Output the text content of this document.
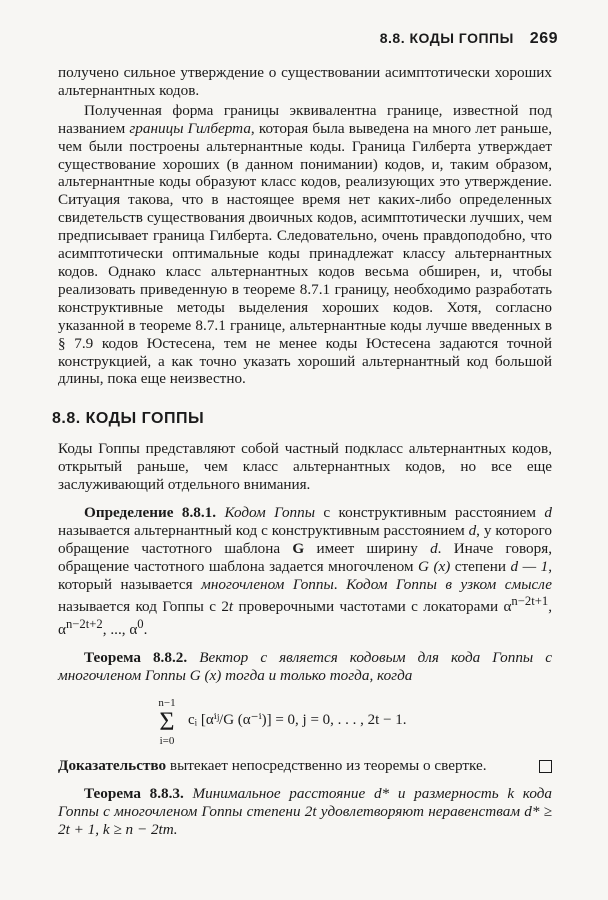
8.8. КОДЫ ГОППЫ 269

получено сильное утверждение о существовании асимптотически хороших альтернантных кодов.

Полученная форма границы эквивалентна границе, известной под названием границы Гилберта, которая была выведена на много лет раньше, чем были построены альтернантные коды. Граница Гилберта утверждает существование хороших (в данном понимании) кодов, и, таким образом, альтернантные коды образуют класс кодов, реализующих это утверждение. Ситуация такова, что в настоящее время нет каких-либо определенных свидетельств существования двоичных кодов, асимптотически лучших, чем предписывает граница Гилберта. Следовательно, очень правдоподобно, что асимптотически оптимальные коды принадлежат классу альтернантных кодов. Однако класс альтернантных кодов весьма обширен, и, чтобы реализовать приведенную в теореме 8.7.1 границу, необходимо разработать конструктивные методы выделения хороших кодов. Хотя, согласно указанной в теореме 8.7.1 границе, альтернантные коды лучше введенных в § 7.9 кодов Юстесена, тем не менее коды Юстесена задаются точной конструкцией, а как точно указать хороший альтернантный код большой длины, пока еще неизвестно.

8.8. КОДЫ ГОППЫ

Коды Гоппы представляют собой частный подкласс альтернантных кодов, открытый раньше, чем класс альтернантных кодов, но все еще заслуживающий отдельного внимания.

Определение 8.8.1. Кодом Гоппы с конструктивным расстоянием d называется альтернантный код с конструктивным расстоянием d, у которого обращение частотного шаблона G имеет ширину d. Иначе говоря, обращение частотного шаблона задается многочленом G (x) степени d — 1, который называется многочленом Гоппы. Кодом Гоппы в узком смысле называется код Гоппы с 2t проверочными частотами с локаторами $\alpha^{n-2t+1}$, $\alpha^{n-2t+2}$, ..., $\alpha^0$.

Теорема 8.8.2. Вектор c является кодовым для кода Гоппы с многочленом Гоппы G (x) тогда и только тогда, когда

n−1
Σ
i=0
cᵢ [αⁱʲ/G (α⁻ⁱ)] = 0, j = 0, . . . , 2t − 1.

Доказательство вытекает непосредственно из теоремы о свертке.

Теорема 8.8.3. Минимальное расстояние d* и размерность k кода Гоппы с многочленом Гоппы степени 2t удовлетворяют неравенствам d* ≥ 2t + 1, k ≥ n − 2tm.
